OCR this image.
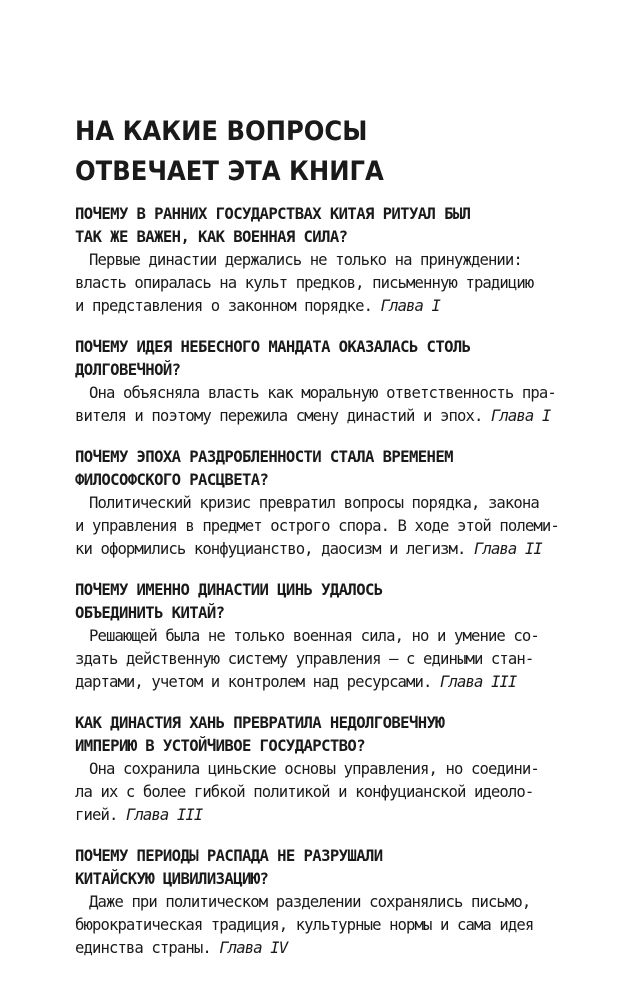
НА КАКИЕ ВОПРОСЫ
ОТВЕЧАЕТ ЭТА КНИГА

ПОЧЕМУ В РАННИХ ГОСУДАРСТВАХ КИТАЯ РИТУАЛ БЫЛ
ТАК ЖЕ ВАЖЕН, КАК ВОЕННАЯ СИЛА?

Первые династии держались не только на принуждении:
власть опиралась на культ предков, письменную традицию
и представления о законном порядке. Глава I

ПОЧЕМУ ИДЕЯ НЕБЕСНОГО МАНДАТА ОКАЗАЛАСЬ СТОЛЬ
ДОЛГОВЕЧНОЙ?

Она объясняла власть как моральную ответственность пра-
вителя и поэтому пережила смену династий и эпох. Глава I

ПОЧЕМУ ЭПОХА РАЗДРОБЛЕННОСТИ СТАЛА ВРЕМЕНЕМ
ФИЛОСОФСКОГО РАСЦВЕТА?

Политический кризис превратил вопросы порядка, закона
и управления в предмет острого спора. В ходе этой полеми-
ки оформились конфуцианство, даосизм и легизм. Глава II

ПОЧЕМУ ИМЕННО ДИНАСТИИ ЦИНЬ УДАЛОСЬ
ОБЪЕДИНИТЬ КИТАЙ?

Решающей была не только военная сила, но и умение со-
здать действенную систему управления — с едиными стан-
дартами, учетом и контролем над ресурсами. Глава III

КАК ДИНАСТИЯ ХАНЬ ПРЕВРАТИЛА НЕДОЛГОВЕЧНУЮ
ИМПЕРИЮ В УСТОЙЧИВОЕ ГОСУДАРСТВО?

Она сохранила циньские основы управления, но соедини-
ла их с более гибкой политикой и конфуцианской идеоло-
гией. Глава III

ПОЧЕМУ ПЕРИОДЫ РАСПАДА НЕ РАЗРУШАЛИ
КИТАЙСКУЮ ЦИВИЛИЗАЦИЮ?

Даже при политическом разделении сохранялись письмо,
бюрократическая традиция, культурные нормы и сама идея
единства страны. Глава IV
